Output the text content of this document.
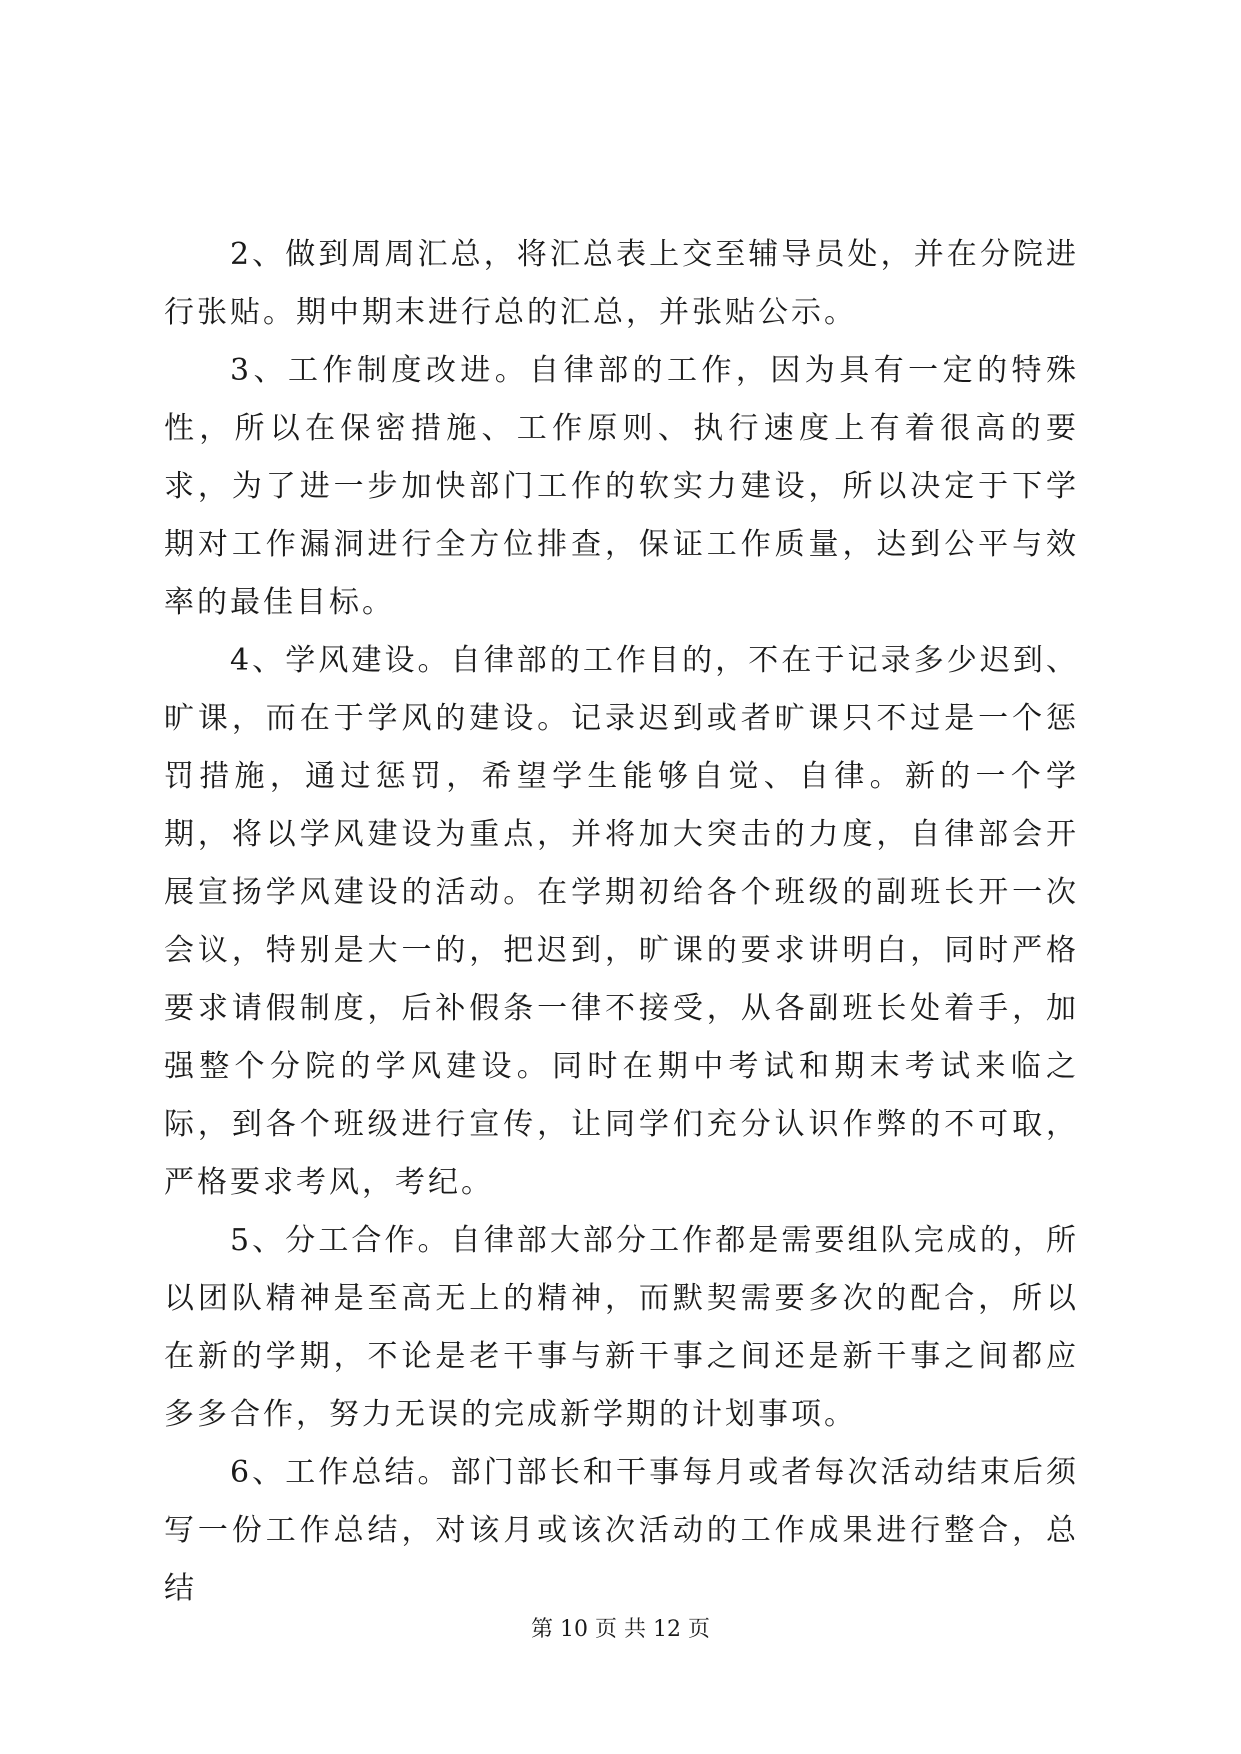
2、做到周周汇总，将汇总表上交至辅导员处，并在分院进行张贴。期中期末进行总的汇总，并张贴公示。

3、工作制度改进。自律部的工作，因为具有一定的特殊性，所以在保密措施、工作原则、执行速度上有着很高的要求，为了进一步加快部门工作的软实力建设，所以决定于下学期对工作漏洞进行全方位排查，保证工作质量，达到公平与效率的最佳目标。

4、学风建设。自律部的工作目的，不在于记录多少迟到、旷课，而在于学风的建设。记录迟到或者旷课只不过是一个惩罚措施，通过惩罚，希望学生能够自觉、自律。新的一个学期，将以学风建设为重点，并将加大突击的力度，自律部会开展宣扬学风建设的活动。在学期初给各个班级的副班长开一次会议，特别是大一的，把迟到，旷课的要求讲明白，同时严格要求请假制度，后补假条一律不接受，从各副班长处着手，加强整个分院的学风建设。同时在期中考试和期末考试来临之际，到各个班级进行宣传，让同学们充分认识作弊的不可取，严格要求考风，考纪。

5、分工合作。自律部大部分工作都是需要组队完成的，所以团队精神是至高无上的精神，而默契需要多次的配合，所以在新的学期，不论是老干事与新干事之间还是新干事之间都应多多合作，努力无误的完成新学期的计划事项。

6、工作总结。部门部长和干事每月或者每次活动结束后须写一份工作总结，对该月或该次活动的工作成果进行整合，总结

第 10 页 共 12 页
